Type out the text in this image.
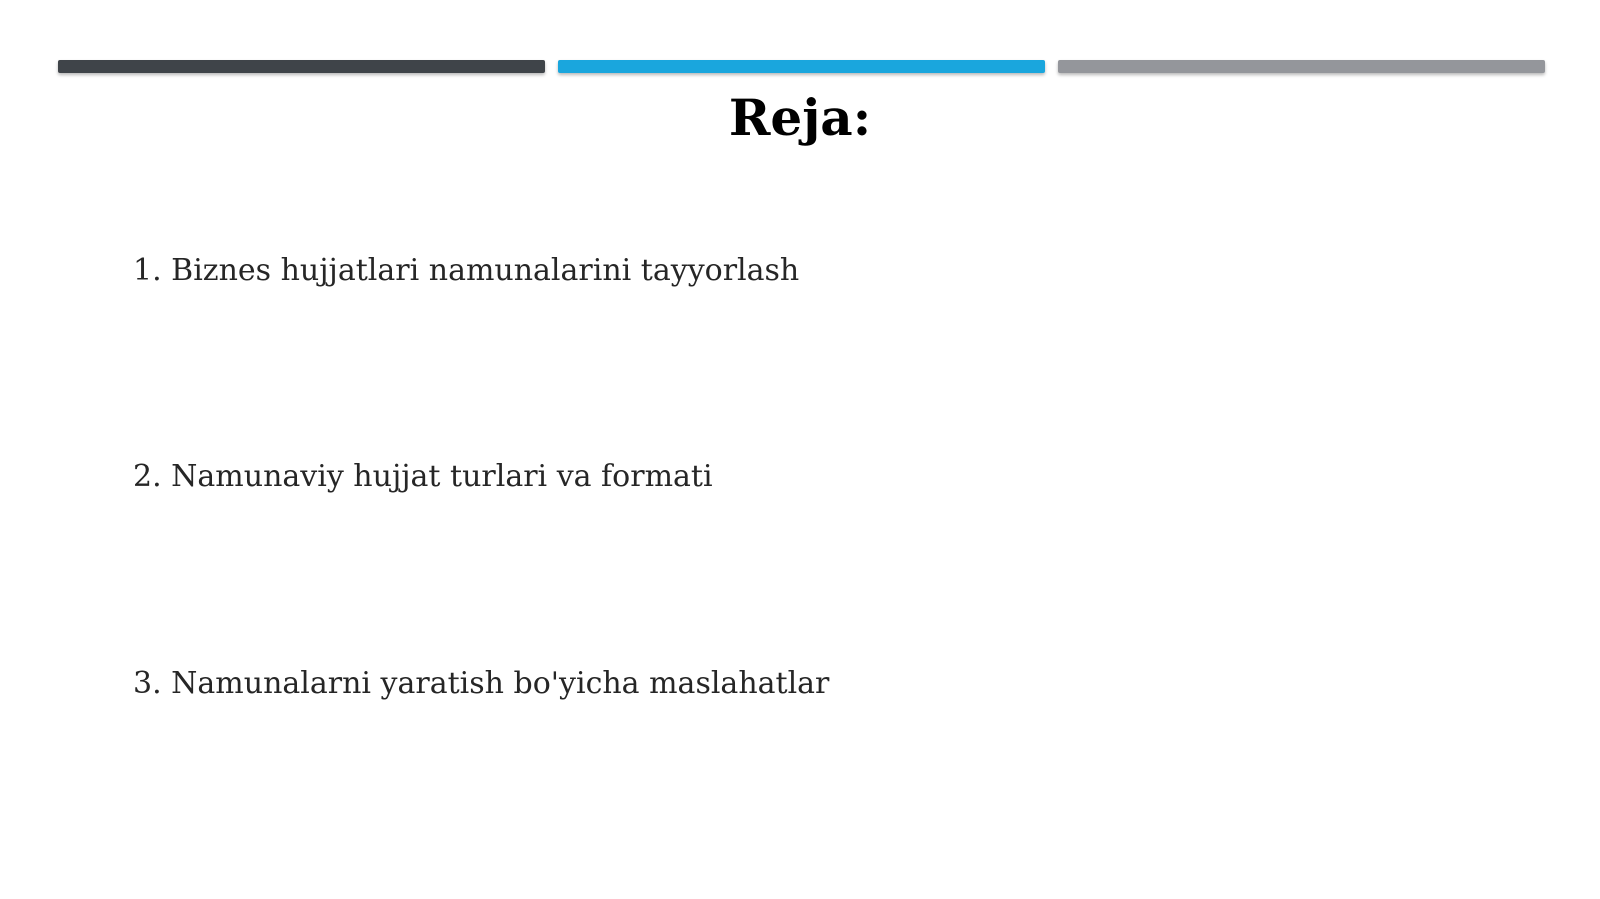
Reja:
1. Biznes hujjatlari namunalarini tayyorlash
2. Namunaviy hujjat turlari va formati
3. Namunalarni yaratish bo'yicha maslahatlar
